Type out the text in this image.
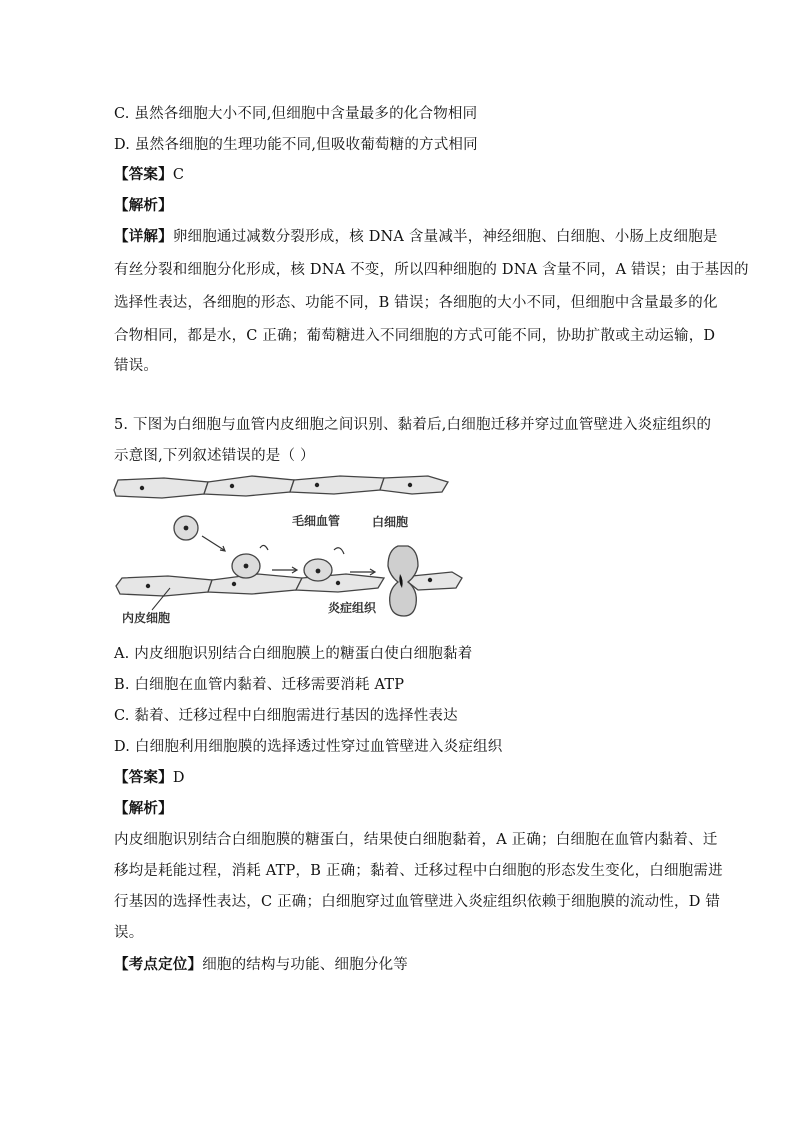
C. 虽然各细胞大小不同,但细胞中含量最多的化合物相同
D. 虽然各细胞的生理功能不同,但吸收葡萄糖的方式相同
【答案】C
【解析】
【详解】卵细胞通过减数分裂形成，核 DNA 含量减半，神经细胞、白细胞、小肠上皮细胞是
有丝分裂和细胞分化形成，核 DNA 不变，所以四种细胞的 DNA 含量不同，A 错误；由于基因的
选择性表达，各细胞的形态、功能不同，B 错误；各细胞的大小不同，但细胞中含量最多的化
合物相同，都是水，C 正确；葡萄糖进入不同细胞的方式可能不同，协助扩散或主动运输，D
错误。
5. 下图为白细胞与血管内皮细胞之间识别、黏着后,白细胞迁移并穿过血管壁进入炎症组织的
示意图,下列叙述错误的是（ ）
毛细血管	白细胞
内皮细胞
炎症组织
A. 内皮细胞识别结合白细胞膜上的糖蛋白使白细胞黏着
B. 白细胞在血管内黏着、迁移需要消耗 ATP
C. 黏着、迁移过程中白细胞需进行基因的选择性表达
D. 白细胞利用细胞膜的选择透过性穿过血管壁进入炎症组织
【答案】D
【解析】
内皮细胞识别结合白细胞膜的糖蛋白，结果使白细胞黏着，A 正确；白细胞在血管内黏着、迁
移均是耗能过程，消耗 ATP，B 正确；黏着、迁移过程中白细胞的形态发生变化，白细胞需进
行基因的选择性表达，C 正确；白细胞穿过血管壁进入炎症组织依赖于细胞膜的流动性，D 错
误。
【考点定位】细胞的结构与功能、细胞分化等
